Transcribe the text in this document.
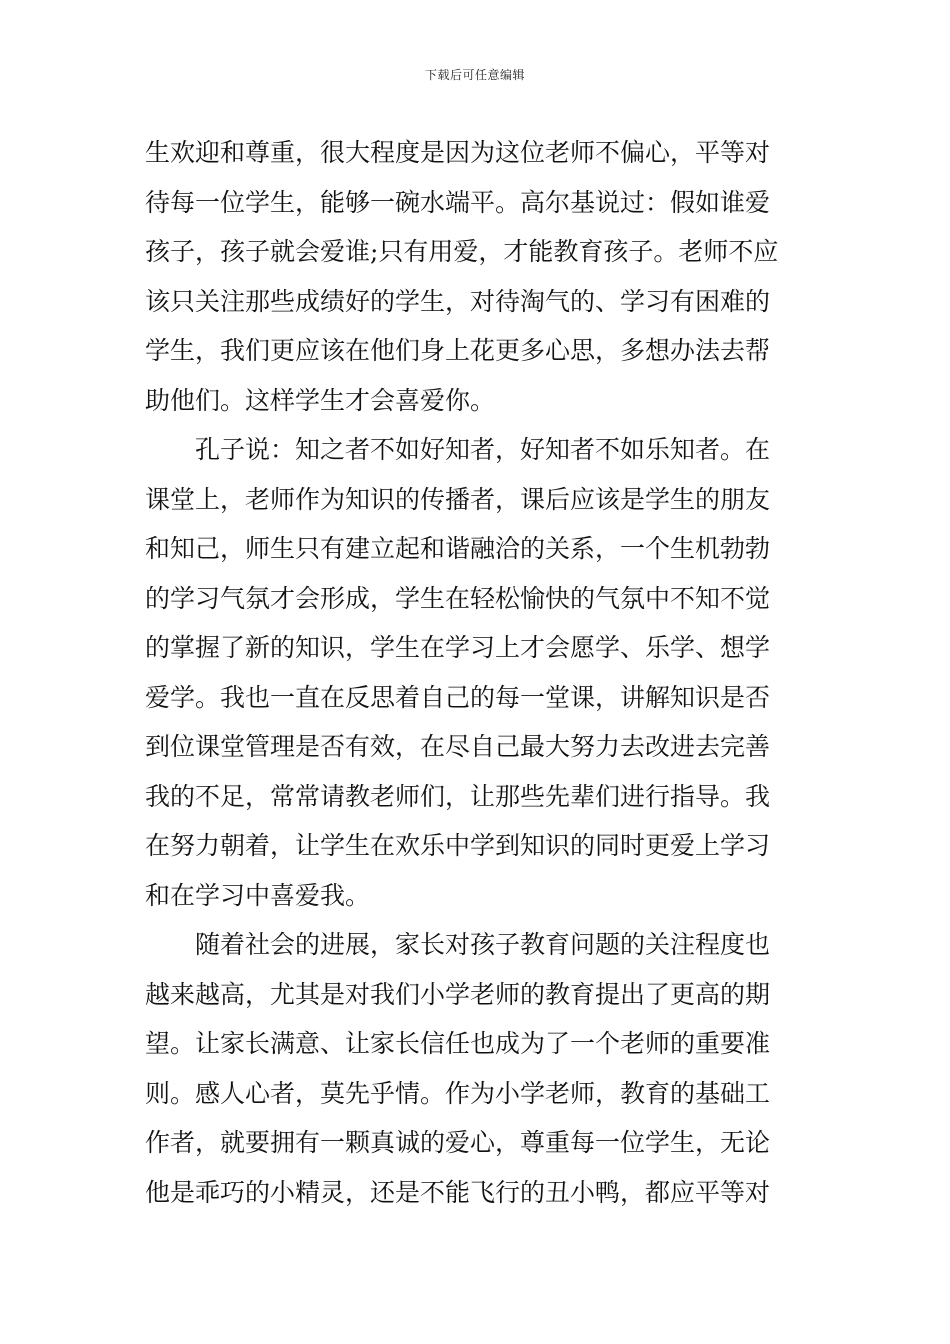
下载后可任意编辑
生欢迎和尊重，很大程度是因为这位老师不偏心，平等对
待每一位学生，能够一碗水端平。高尔基说过：假如谁爱
孩子，孩子就会爱谁;只有用爱，才能教育孩子。老师不应
该只关注那些成绩好的学生，对待淘气的、学习有困难的
学生，我们更应该在他们身上花更多心思，多想办法去帮
助他们。这样学生才会喜爱你。
　　孔子说：知之者不如好知者，好知者不如乐知者。在
课堂上，老师作为知识的传播者，课后应该是学生的朋友
和知己，师生只有建立起和谐融洽的关系，一个生机勃勃
的学习气氛才会形成，学生在轻松愉快的气氛中不知不觉
的掌握了新的知识，学生在学习上才会愿学、乐学、想学
爱学。我也一直在反思着自己的每一堂课，讲解知识是否
到位课堂管理是否有效，在尽自己最大努力去改进去完善
我的不足，常常请教老师们，让那些先辈们进行指导。我
在努力朝着，让学生在欢乐中学到知识的同时更爱上学习
和在学习中喜爱我。
　　随着社会的进展，家长对孩子教育问题的关注程度也
越来越高，尤其是对我们小学老师的教育提出了更高的期
望。让家长满意、让家长信任也成为了一个老师的重要准
则。感人心者，莫先乎情。作为小学老师，教育的基础工
作者，就要拥有一颗真诚的爱心，尊重每一位学生，无论
他是乖巧的小精灵，还是不能飞行的丑小鸭，都应平等对
